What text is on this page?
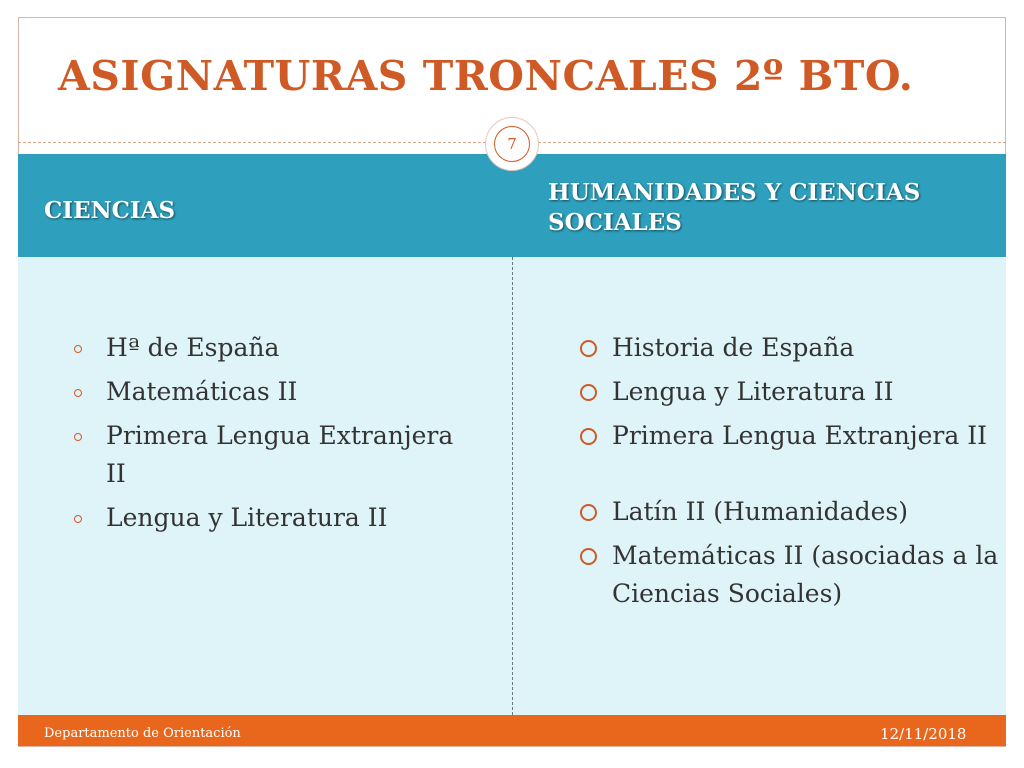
ASIGNATURAS TRONCALES 2º BTO.
CIENCIAS
HUMANIDADES Y CIENCIAS SOCIALES
7
Hª de España
Matemáticas II
Primera Lengua Extranjera II
Lengua y Literatura II
Historia de España
Lengua y Literatura II
Primera Lengua Extranjera II
Latín II (Humanidades)
Matemáticas II (asociadas a la Ciencias Sociales)
Departamento de Orientación	12/11/2018
